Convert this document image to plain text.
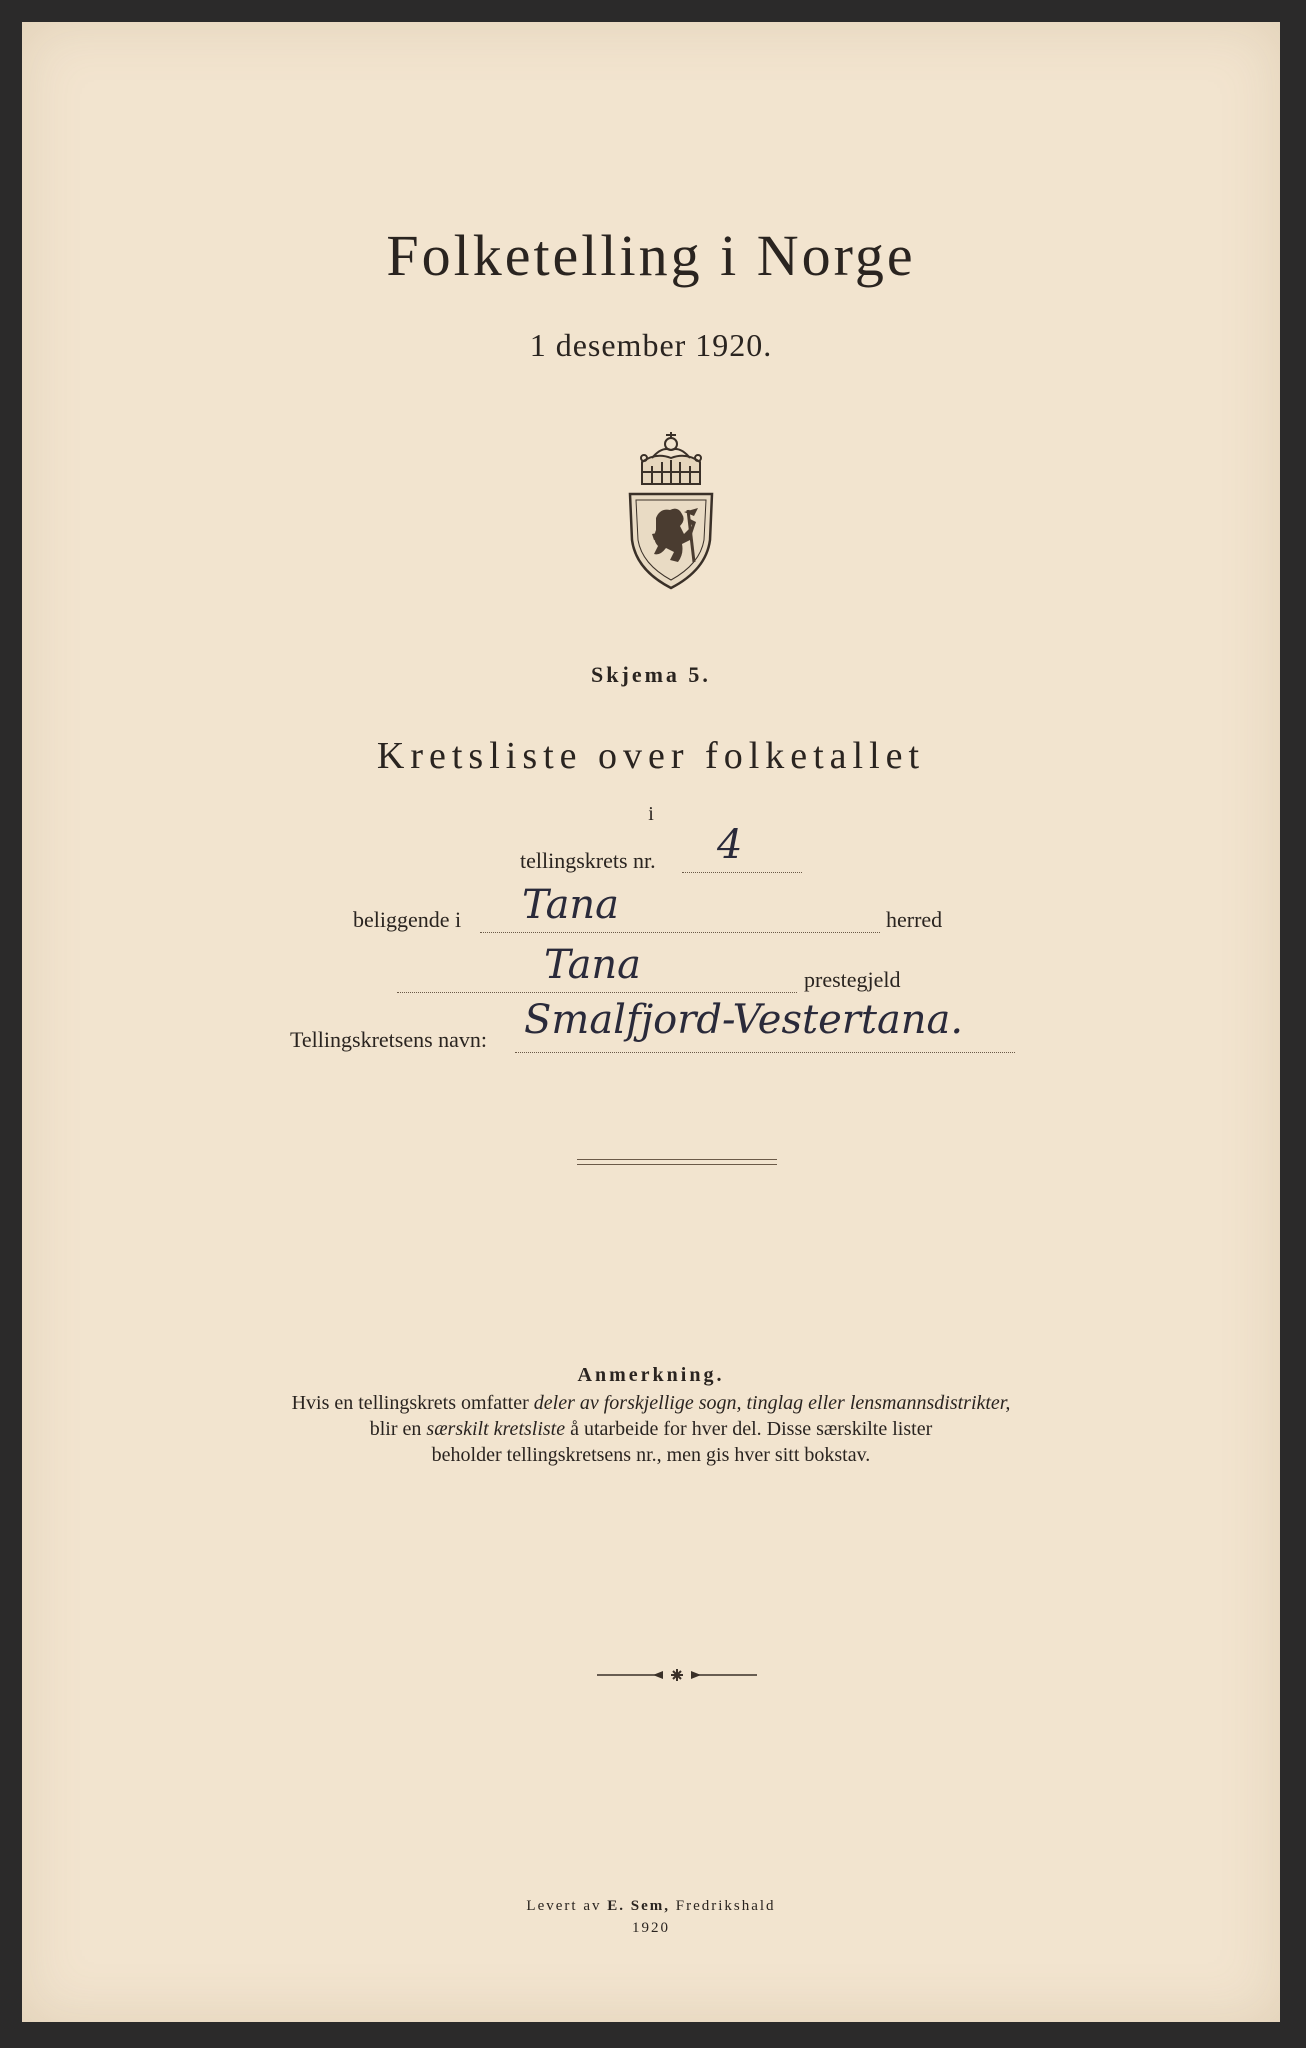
Folketelling i Norge
1 desember 1920.
Skjema 5.
Kretsliste over folketallet
i
tellingskrets nr. 4
beliggende i Tana	herred
Tana	prestegjeld
Tellingskretsens navn: Smalfjord-Vestertana.
Anmerkning.
Hvis en tellingskrets omfatter deler av forskjellige sogn, tinglag eller lensmannsdistrikter,
blir en særskilt kretsliste å utarbeide for hver del. Disse særskilte lister
beholder tellingskretsens nr., men gis hver sitt bokstav.
Levert av E. Sem, Fredrikshald
1920
